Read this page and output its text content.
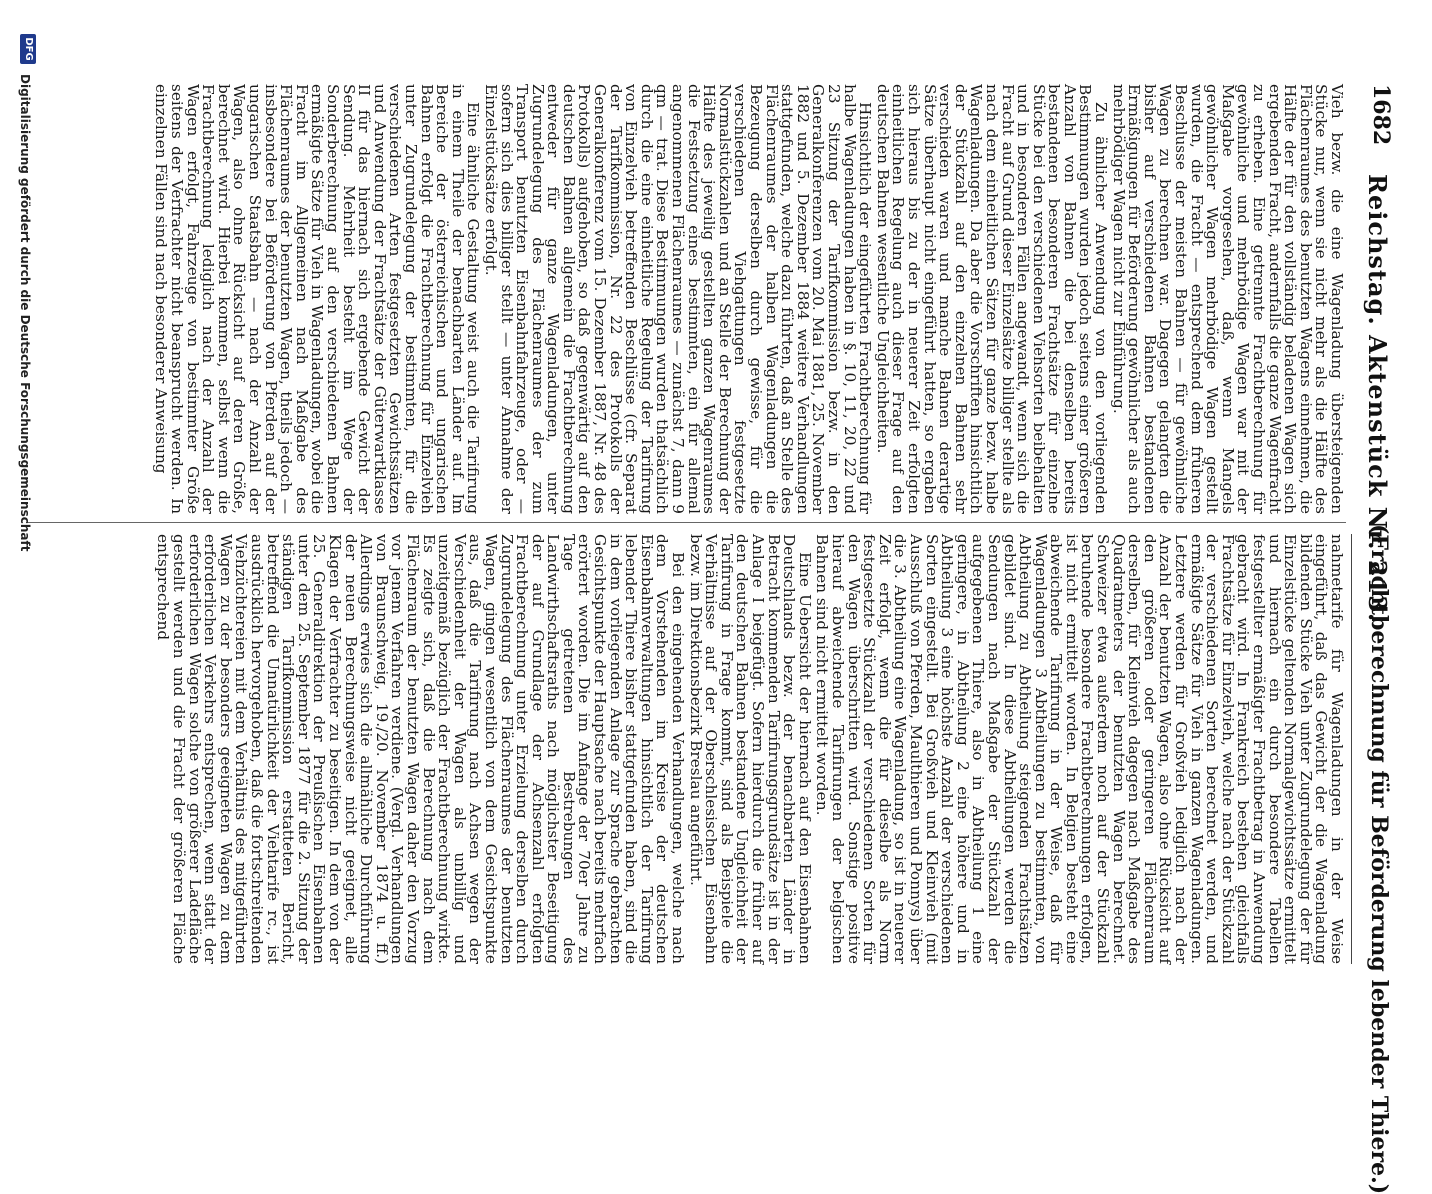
1682
Reichstag. Aktenstück Nr. 213.
(Frachtberechnung für Beförderung lebender Thiere.)

Vieh bezw. die eine Wagenladung übersteigenden Stücke nur, wenn sie nicht mehr als die Hälfte des Flächenraumes des benutzten Wagens einnehmen, die Hälfte der für den vollständig beladenen Wagen sich ergebenden Fracht, andernfalls die ganze Wagenfracht zu erheben. Eine getrennte Frachtberechnung für gewöhnliche und mehrbödige Wagen war mit der Maßgabe vorgesehen, daß, wenn Mangels gewöhnlicher Wagen mehrbödige Wagen gestellt wurden, die Fracht — entsprechend dem früheren Beschlusse der meisten Bahnen — für gewöhnliche Wagen zu berechnen war. Dagegen gelangten die bisher auf verschiedenen Bahnen bestandenen Ermäßigungen für Beförderung gewöhnlicher als auch mehrbödiger Wagen nicht zur Einführung.

Zu ähnlicher Anwendung von den vorliegenden Bestimmungen wurden jedoch seitens einer größeren Anzahl von Bahnen die bei denselben bereits bestandenen besonderen Frachtsätze für einzelne Stücke bei den verschiedenen Viehsorten beibehalten und in besonderen Fällen angewandt, wenn sich die Fracht auf Grund dieser Einzelsätze billiger stellte als nach dem einheitlichen Sätzen für ganze bezw. halbe Wagenladungen. Da aber die Vorschriften hinsichtlich der Stückzahl auf den einzelnen Bahnen sehr verschieden waren und manche Bahnen derartige Sätze überhaupt nicht eingeführt hatten, so ergaben sich hieraus bis zu der in neuerer Zeit erfolgten einheitlichen Regelung auch dieser Frage auf den deutschen Bahnen wesentliche Ungleichheiten.

Hinsichtlich der eingeführten Frachtberechnung für halbe Wagenladungen haben in §. 10, 11, 20, 22 und 23 Sitzung der Tarifkommission bezw. in den Generalkonferenzen vom 20. Mai 1881, 25. November 1882 und 5. Dezember 1884 weitere Verhandlungen stattgefunden, welche dazu führten, daß an Stelle des Flächenraumes der halben Wagenladungen die Bezeugung derselben durch gewisse, für die verschiedenen Viehgattungen festgesetzte Normalstückzahlen und an Stelle der Berechnung der Hälfte des jeweilig gestellten ganzen Wagenraumes die Festsetzung eines bestimmten, ein für allemal angenommenen Flächenraumes — zunächst 7, dann 9 qm — trat. Diese Bestimmungen wurden thatsächlich durch die eine einheitliche Regelung der Tarifirung von Einzelvieh betreffenden Beschlüsse (cfr. Separat der Tarifkommission, Nr. 22 des Protokolls der Generalkonferenz vom 15. Dezember 1887, Nr. 48 des Protokolls) aufgehoben, so daß gegenwärtig auf den deutschen Bahnen allgemein die Frachtberechnung entweder für ganze Wagenladungen, unter Zugrundelegung des Flächenraumes der zum Transport benutzten Eisenbahnfahrzeuge, oder — sofern sich dies billiger stellt — unter Annahme der Einzelstücksätze erfolgt.

Eine ähnliche Gestaltung weist auch die Tarifirung in einem Theile der benachbarten Länder auf. Im Bereiche der österreichischen und ungarischen Bahnen erfolgt die Frachtberechnung für Einzelvieh unter Zugrundelegung der bestimmten, für die verschiedenen Arten festgesetzten Gewichtssätzen und Anwendung der Frachtsätze der Güterwartklasse II für das hiernach sich ergebende Gewicht der Sendung. Mehrheit besteht im Wege der Sonderberechnung auf den verschiedenen Bahnen ermäßigte Sätze für Vieh in Wagenladungen, wobei die Fracht im Allgemeinen nach Maßgabe des Flächenraumes der benutzten Wagen, theils jedoch — insbesondere bei Beförderung von Pferden auf der ungarischen Staatsbahn — nach der Anzahl der Wagen, also ohne Rücksicht auf deren Größe, berechnet wird. Hierbei kommen, selbst wenn die Frachtberechnung lediglich nach der Anzahl der Wagen erfolgt, Fahrzeuge von bestimmter Größe seitens der Verfrachter nicht beansprucht werden. In einzelnen Fällen sind nach besonderer Anweisung

nahmetarife für Wagenladungen in der Weise eingeführt, daß das Gewicht der die Wagenladung bildenden Stücke Vieh unter Zugrundelegung der für Einzelstücke geltenden Normalgewichtssätze ermittelt und hiernach ein durch besondere Tabellen festgestellter ermäßigter Frachtbetrag in Anwendung gebracht wird. In Frankreich bestehen gleichfalls Frachtsätze für Einzelvieh, welche nach der Stückzahl der verschiedenen Sorten berechnet werden, und ermäßigte Sätze für Vieh in ganzen Wagenladungen. Letztere werden für Großvieh lediglich nach der Anzahl der benutzten Wagen, also ohne Rücksicht auf den größeren oder geringeren Flächenraum derselben, für Kleinvieh dagegen nach Maßgabe des Quadratmeters der benutzten Wagen berechnet. Schweizer etwa außerdem noch auf der Stückzahl beruhende besondere Frachtberechnungen erfolgen, ist nicht ermittelt worden. In Belgien besteht eine abweichende Tarifirung in der Weise, daß für Wagenladungen 3 Abtheilungen zu bestimmten, von Abtheilung zu Abtheilung steigenden Frachtsätzen gebildet sind. In diese Abtheilungen werden die Sendungen nach Maßgabe der Stückzahl der aufgegebenen Thiere, also in Abtheilung 1 eine geringere, in Abtheilung 2 eine höhere und in Abtheilung 3 eine höchste Anzahl der verschiedenen Sorten eingestellt. Bei Großvieh und Kleinvieh (mit Ausschluß von Pferden, Maulthieren und Ponnys) über die 3. Abtheilung eine Wagenladung, so ist in neuerer Zeit erfolgt, wenn die für dieselbe als Norm festgesetzte Stückzahl der verschiedenen Sorten für den Wagen überschritten wird. Sonstige positive hierauf abweichende Tarifirungen der belgischen Bahnen sind nicht ermittelt worden.

Eine Uebersicht der hiernach auf den Eisenbahnen Deutschlands bezw. der benachbarten Länder in Betracht kommenden Tarifirungsgrundsätze ist in der Anlage I beigefügt. Sofern hierdurch die früher auf den deutschen Bahnen bestandene Ungleichheit der Tarifirung in Frage kommt, sind als Beispiele die Verhältnisse auf der Oberschlesischen Eisenbahn bezw. im Direktionsbezirk Breslau angeführt.

Bei den eingehenden Verhandlungen, welche nach dem Vorstehenden im Kreise der deutschen Eisenbahnverwaltungen hinsichtlich der Tarifirung lebender Thiere bisher stattgefunden haben, sind die in dem vorliegenden Anlage zur Sprache gebrachten Gesichtspunkte der Hauptsache nach bereits mehrfach erörtert worden. Die im Anfange der 70er Jahre zu Tage getretenen Bestrebungen des Landwirthschaftsraths nach möglichster Beseitigung der auf Grundlage der Achsenzahl erfolgten Frachtberechnung unter Erzielung derselben durch Zugrundelegung des Flächenraumes der benutzten Wagen, gingen wesentlich von dem Gesichtspunkte aus, daß die Tarifirung nach Achsen wegen der Verschiedenheit der Wagen als unbillig und unzeitgemäß bezüglich der Frachtberechnung wirkte. Es zeigte sich, daß die Berechnung nach dem Flächenraum der benutzten Wagen daher den Vorzug vor jenem Verfahren verdiene. (Vergl. Verhandlungen von Braunschweig, 19./20. November 1874 u. ff.) Allerdings erwies sich die allmähliche Durchführung der neuen Berechnungsweise nicht geeignet, alle Klagen der Verfrachter zu beseitigen. In dem von der 25. Generaldirektion der Preußischen Eisenbahnen unter dem 25. September 1877 für die 2. Sitzung der ständigen Tarifkommission erstatteten Bericht, betreffend die Unnatürlichkeit der Viehtarife rc., ist ausdrücklich hervorgehoben, daß die fortschreitenden Viehzüchtereien mit dem Verhältnis des mitgeführten Wagen zu der besonders geeigneten Wagen zu dem erforderlichen Verkehrs entsprechen, wenn statt der erforderlichen Wagen solche von größerer Ladefläche gestellt werden und die Fracht der größeren Fläche entsprechend

DFG
Digitalisierung gefördert durch die Deutsche Forschungsgemeinschaft
